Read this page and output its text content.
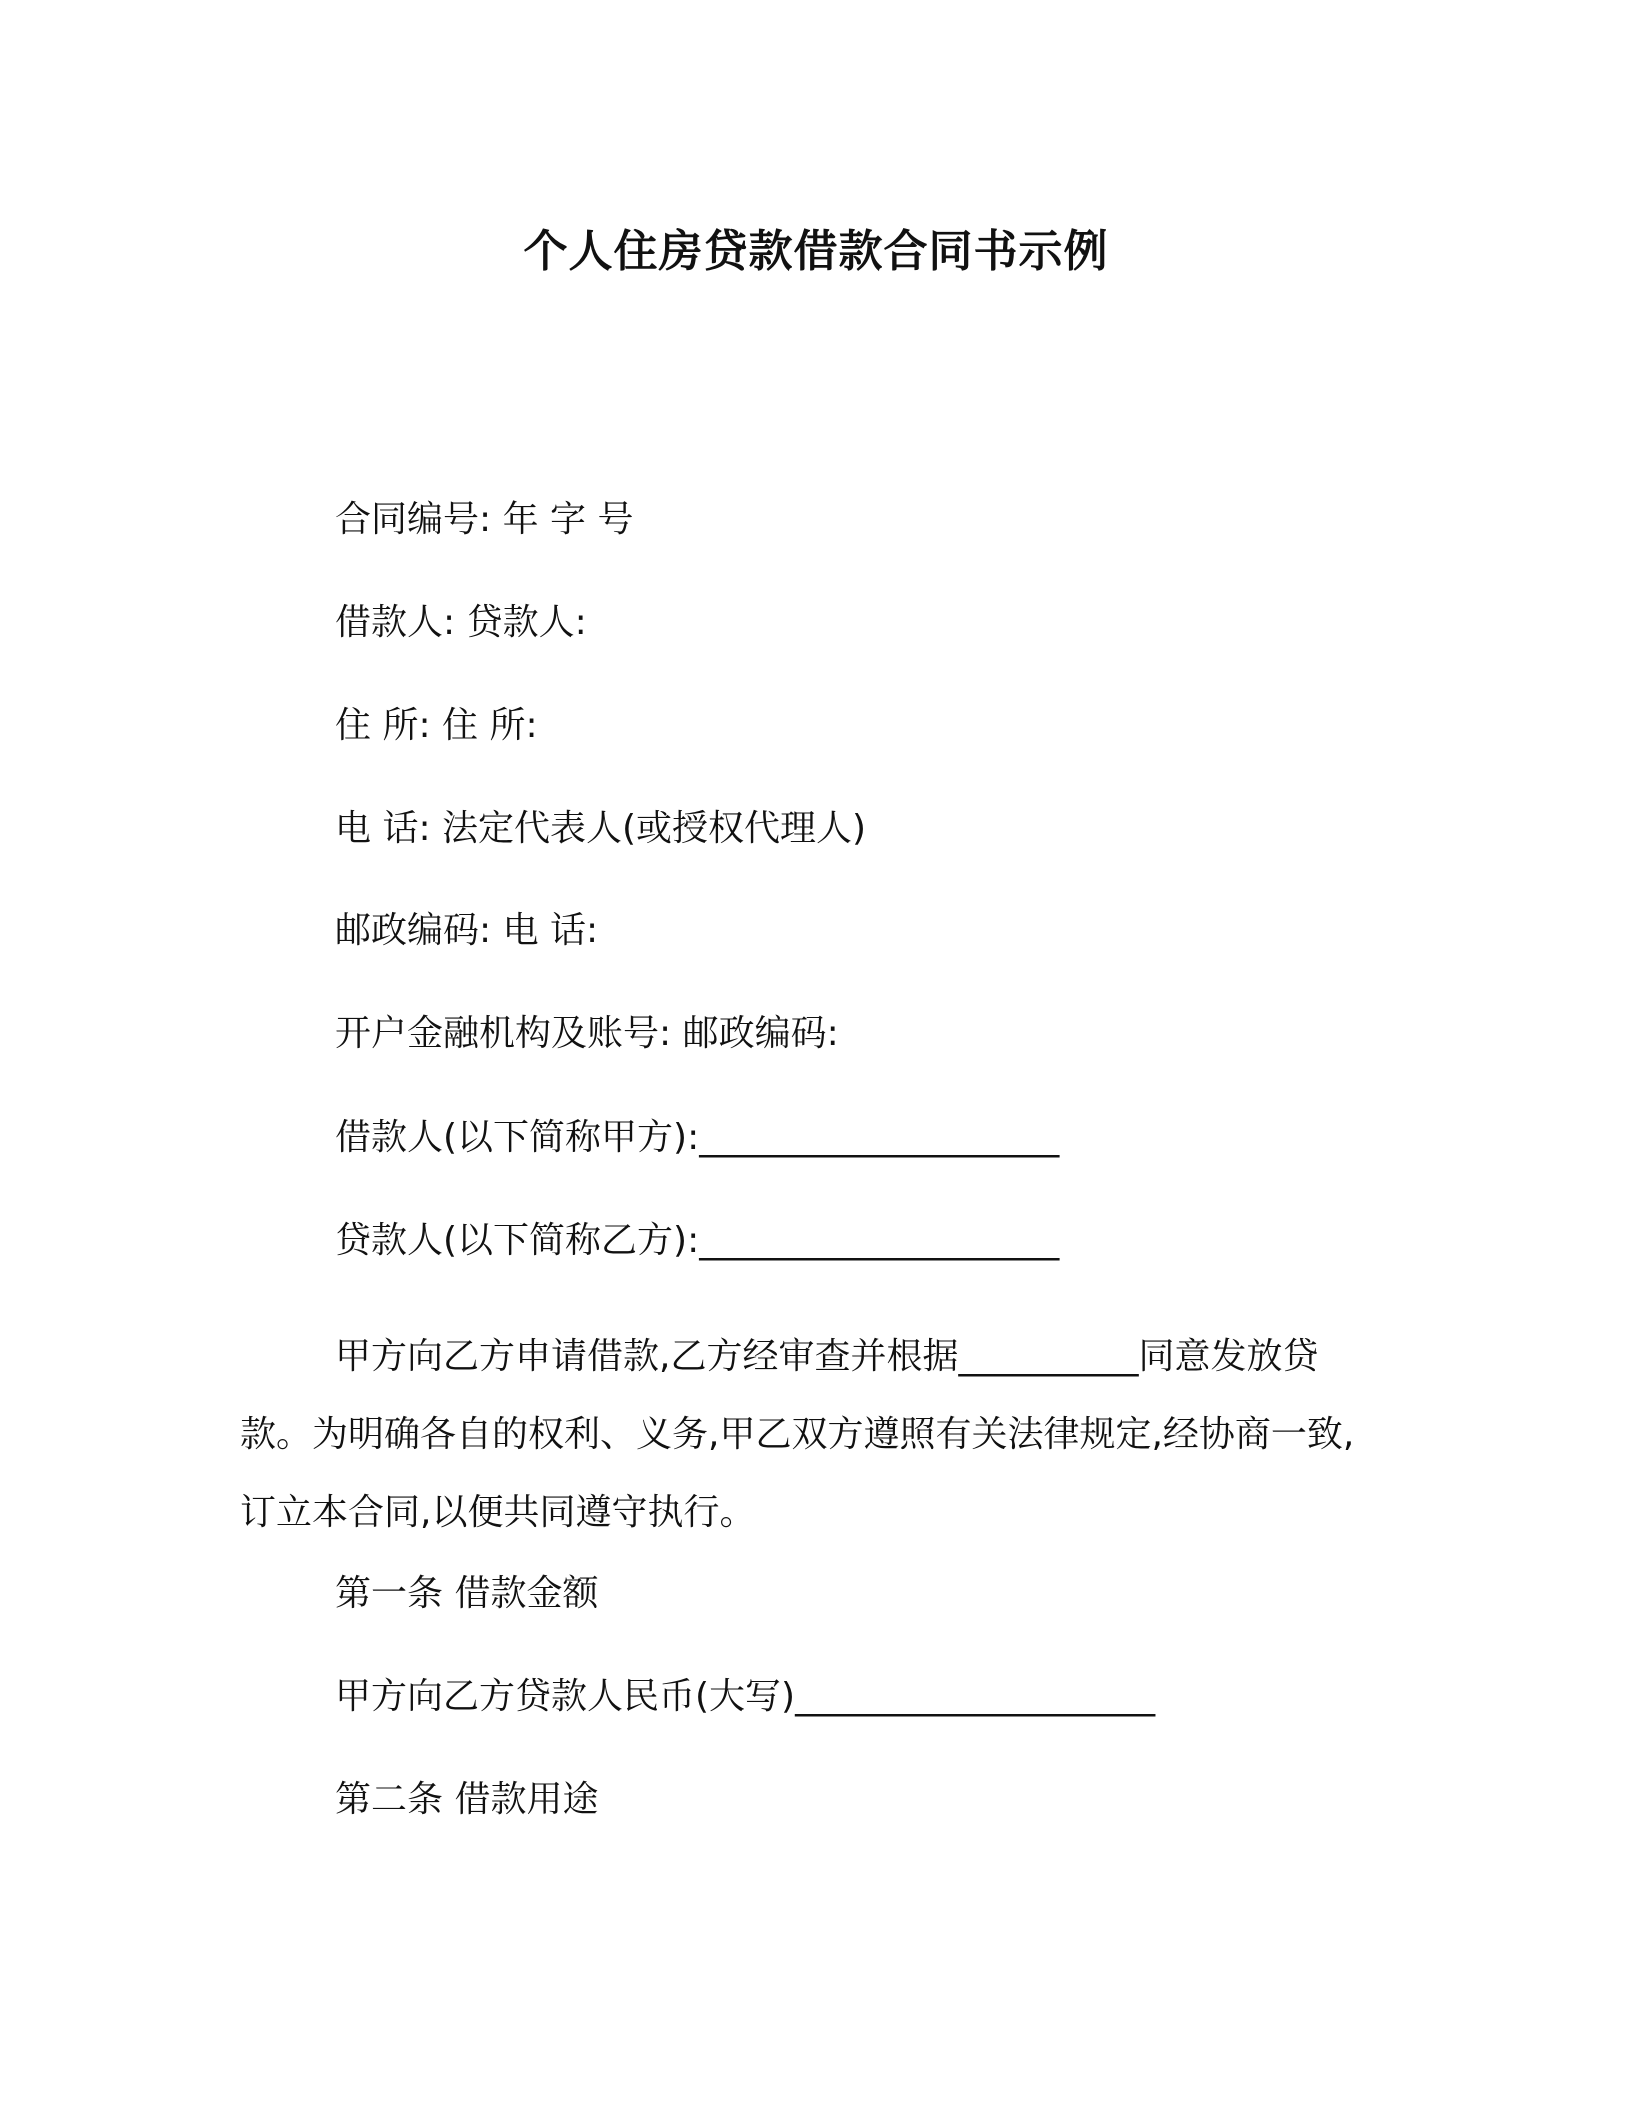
个人住房贷款借款合同书示例
合同编号: 年 字 号
借款人: 贷款人:
住 所: 住 所:
电 话: 法定代表人(或授权代理人)
邮政编码: 电 话:
开户金融机构及账号: 邮政编码:
借款人(以下简称甲方):____________________
贷款人(以下简称乙方):____________________
甲方向乙方申请借款,乙方经审查并根据__________同意发放贷款。为明确各自的权利、义务,甲乙双方遵照有关法律规定,经协商一致,订立本合同,以便共同遵守执行。
第一条 借款金额
甲方向乙方贷款人民币(大写)____________________
第二条 借款用途
